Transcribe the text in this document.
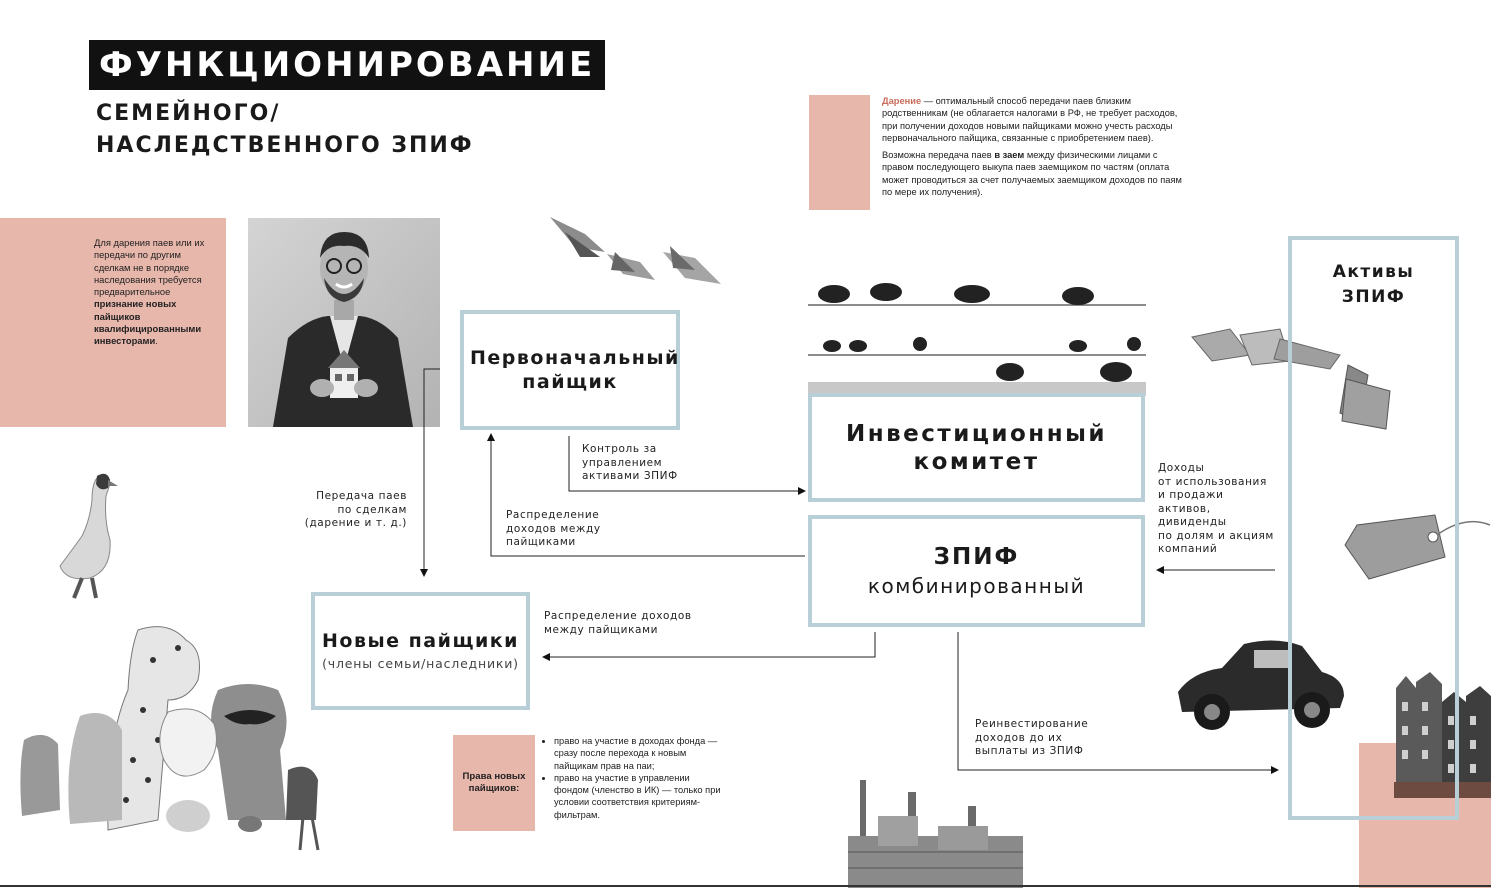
ФУНКЦИОНИРОВАНИЕ
СЕМЕЙНОГО/
НАСЛЕДСТВЕННОГО ЗПИФ

Дарение — оптимальный способ передачи паев близким родственникам (не облагается налогами в РФ, не требует расходов, при получении доходов новыми пайщиками можно учесть расходы первоначального пайщика, связанные с приобретением паев).

Возможна передача паев в заем между физическими лицами с правом последующего выкупа паев заемщиком по частям (оплата может проводиться за счет получаемых заемщиком доходов по паям по мере их получения).

Для дарения паев или их передачи по другим сделкам не в порядке наследования требуется предварительное признание новых пайщиков квалифицированными инвесторами.
Права новых пайщиков:
• право на участие в доходах фонда — сразу после перехода к новым пайщикам прав на паи;
• право на участие в управлении фондом (членство в ИК) — только при условии соответствия критериям-фильтрам.
Первоначальный пайщик
Инвестиционный комитет
ЗПИФ
комбинированный
Новые пайщики
(члены семьи/наследники)
Активы ЗПИФ
Контроль за
управлением
активами ЗПИФ
Распределение
доходов между
пайщиками
Передача паев
по сделкам
(дарение и т. д.)
Распределение доходов
между пайщиками
Доходы
от использования
и продажи
активов,
дивиденды
по долям и акциям
компаний
Реинвестирование
доходов до их
выплаты из ЗПИФ
